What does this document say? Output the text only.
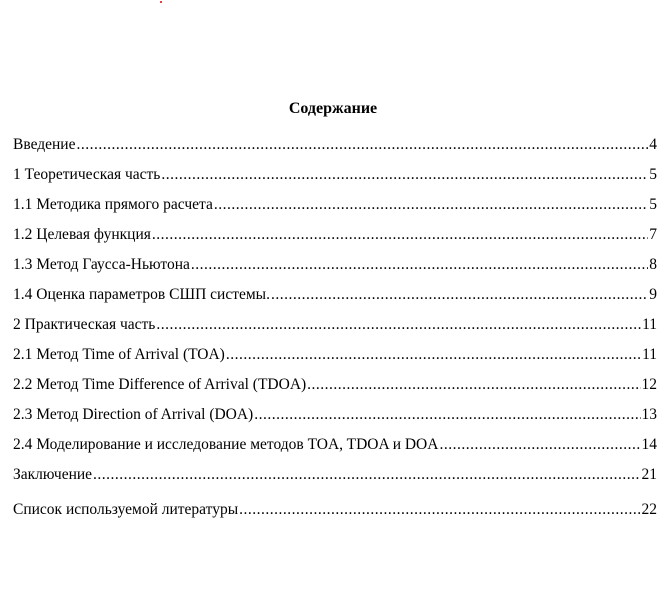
Содержание
Введение .....	4
1 Теоретическая часть .....	5
1.1 Методика прямого расчета .....	5
1.2 Целевая функция .....	7
1.3 Метод Гаусса-Ньютона .....	8
1.4 Оценка параметров СШП системы. .....	9
2 Практическая часть .....	11
2.1 Метод Time of Arrival (TOA) .....	11
2.2 Метод Time Difference of Arrival (TDOA) .....	12
2.3 Метод Direction of Arrival (DOA) .....	13
2.4 Моделирование и исследование методов TOA, TDOA и DOA .....	14
Заключение .....	21
Список используемой литературы .....	22
